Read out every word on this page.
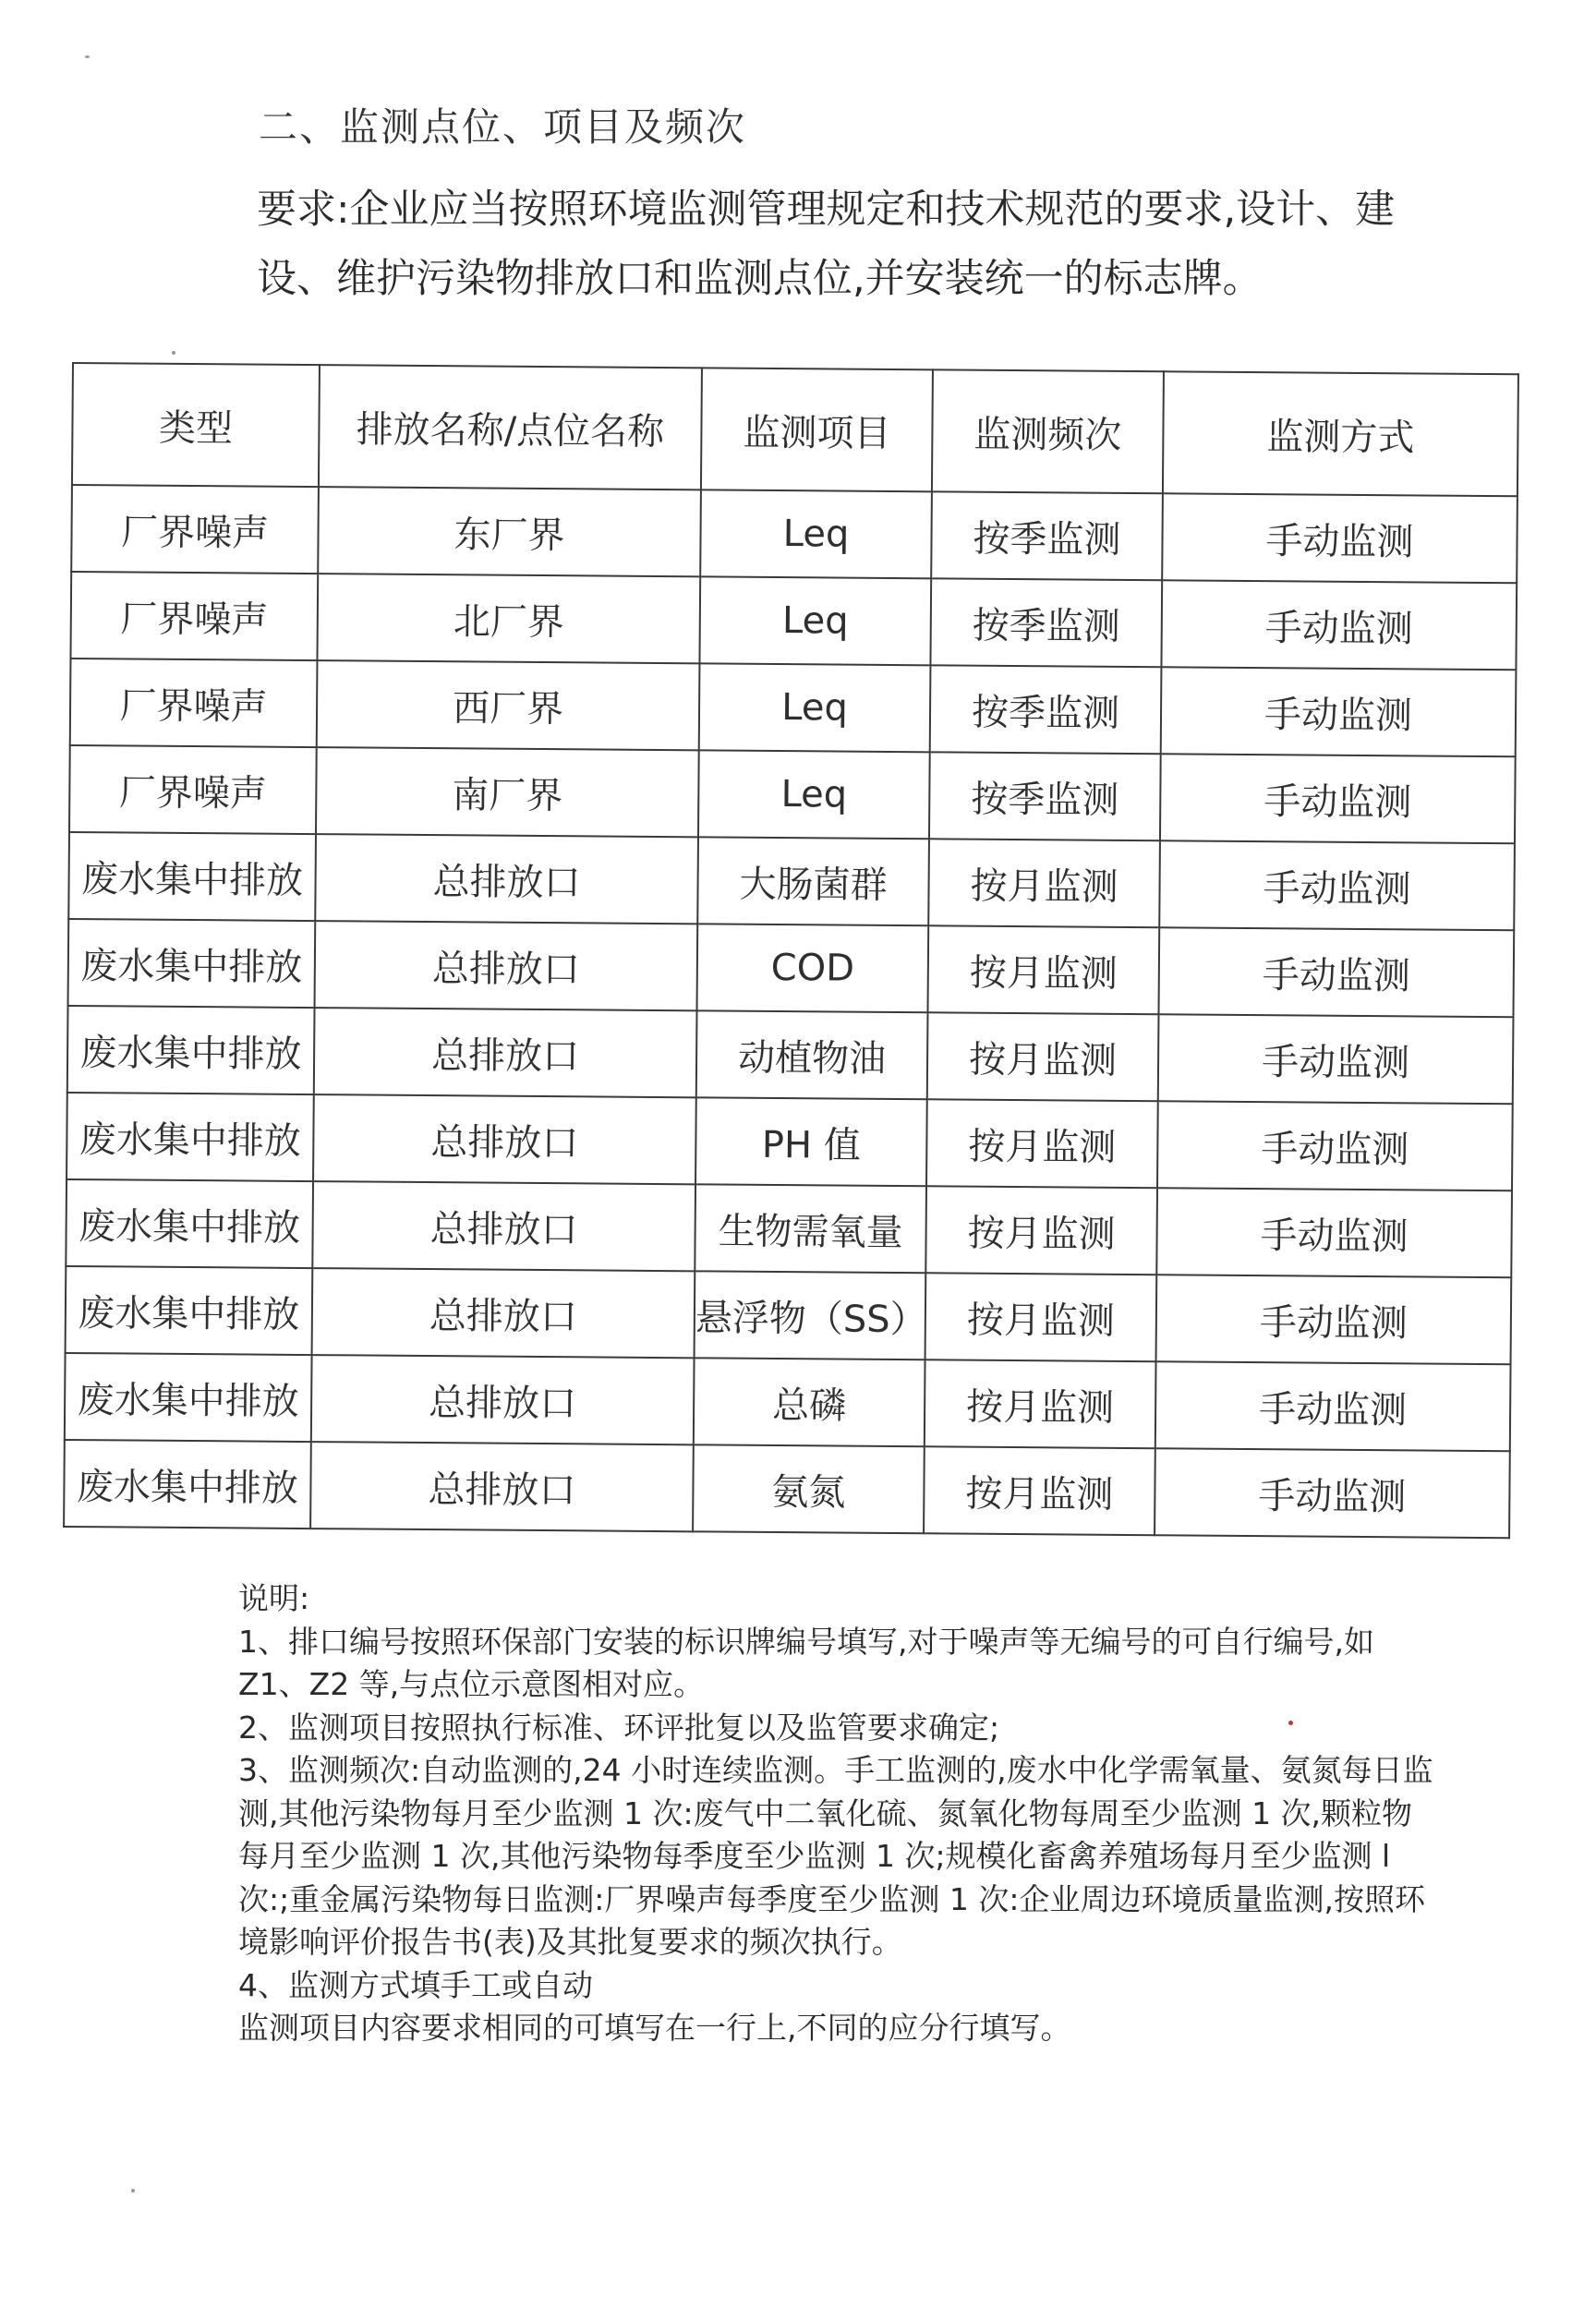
二、监测点位、项目及频次
要求:企业应当按照环境监测管理规定和技术规范的要求,设计、建设、维护污染物排放口和监测点位,并安装统一的标志牌。
类型	排放名称/点位名称	监测项目	监测频次	监测方式
厂界噪声	东厂界	Leq	按季监测	手动监测
厂界噪声	北厂界	Leq	按季监测	手动监测
厂界噪声	西厂界	Leq	按季监测	手动监测
厂界噪声	南厂界	Leq	按季监测	手动监测
废水集中排放	总排放口	大肠菌群	按月监测	手动监测
废水集中排放	总排放口	COD	按月监测	手动监测
废水集中排放	总排放口	动植物油	按月监测	手动监测
废水集中排放	总排放口	PH 值	按月监测	手动监测
废水集中排放	总排放口	生物需氧量	按月监测	手动监测
废水集中排放	总排放口	悬浮物（SS）	按月监测	手动监测
废水集中排放	总排放口	总磷	按月监测	手动监测
废水集中排放	总排放口	氨氮	按月监测	手动监测

说明:

1、排口编号按照环保部门安装的标识牌编号填写,对于噪声等无编号的可自行编号,如 Z1、Z2 等,与点位示意图相对应。

2、监测项目按照执行标准、环评批复以及监管要求确定;

3、监测频次:自动监测的,24 小时连续监测。手工监测的,废水中化学需氧量、氨氮每日监测,其他污染物每月至少监测 1 次:废气中二氧化硫、氮氧化物每周至少监测 1 次,颗粒物每月至少监测 1 次,其他污染物每季度至少监测 1 次;规模化畜禽养殖场每月至少监测 l 次:;重金属污染物每日监测:厂界噪声每季度至少监测 1 次:企业周边环境质量监测,按照环境影响评价报告书(表)及其批复要求的频次执行。

4、监测方式填手工或自动

监测项目内容要求相同的可填写在一行上,不同的应分行填写。
